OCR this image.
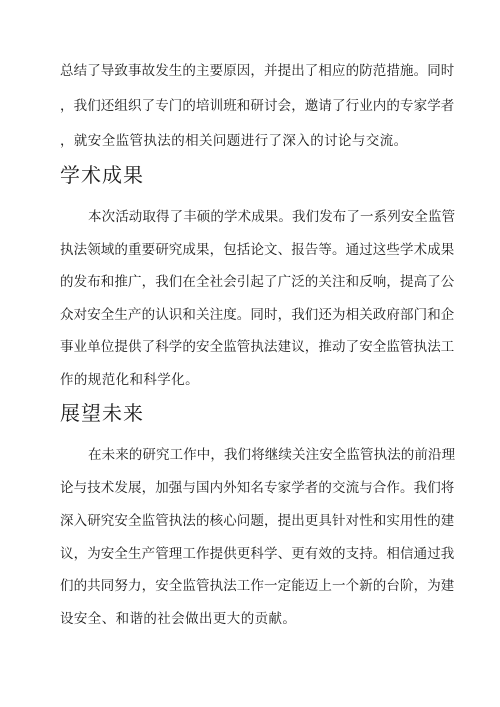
总结了导致事故发生的主要原因，并提出了相应的防范措施。同时
，我们还组织了专门的培训班和研讨会，邀请了行业内的专家学者
，就安全监管执法的相关问题进行了深入的讨论与交流。
学术成果
本次活动取得了丰硕的学术成果。我们发布了一系列安全监管
执法领域的重要研究成果，包括论文、报告等。通过这些学术成果
的发布和推广，我们在全社会引起了广泛的关注和反响，提高了公
众对安全生产的认识和关注度。同时，我们还为相关政府部门和企
事业单位提供了科学的安全监管执法建议，推动了安全监管执法工
作的规范化和科学化。
展望未来
在未来的研究工作中，我们将继续关注安全监管执法的前沿理
论与技术发展，加强与国内外知名专家学者的交流与合作。我们将
深入研究安全监管执法的核心问题，提出更具针对性和实用性的建
议，为安全生产管理工作提供更科学、更有效的支持。相信通过我
们的共同努力，安全监管执法工作一定能迈上一个新的台阶，为建
设安全、和谐的社会做出更大的贡献。
